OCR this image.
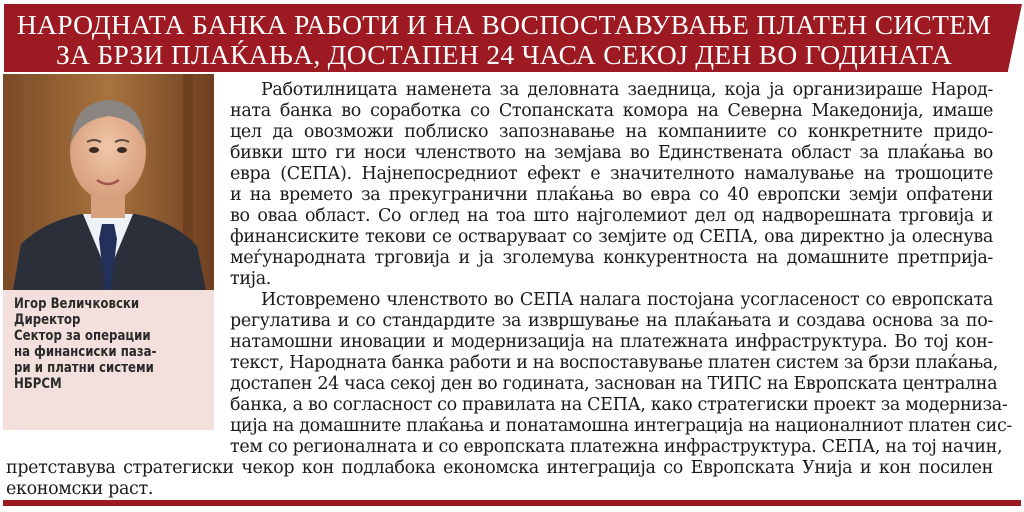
НАРОДНАТА БАНКА РАБОТИ И НА ВОСПОСТАВУВАЊЕ ПЛАТЕН СИСТЕМ
ЗА БРЗИ ПЛАЌАЊА, ДОСТАПЕН 24 ЧАСА СЕКОЈ ДЕН ВО ГОДИНАТА
Игор Величковски
Директор
Сектор за операции
на финансиски паза-
ри и платни системи
НБРСМ
Работилницата наменета за деловната заедница, која ја организираше Народ-
ната банка во соработка со Стопанската комора на Северна Македонија, имаше
цел да овозможи поблиско запознавање на компаниите со конкретните придо-
бивки што ги носи членството на земјава во Единствената област за плаќања во
евра (СЕПА). Најнепосредниот ефект е значителното намалување на трошоците
и на времето за прекугранични плаќања во евра со 40 европски земји опфатени
во оваа област. Со оглед на тоа што најголемиот дел од надворешната трговија и
финансиските текови се остваруваат со земјите од СЕПА, ова директно ја олеснува
меѓународната трговија и ја зголемува конкурентноста на домашните претприја-
тија.
Истовремено членството во СЕПА налага постојана усогласеност со европската
регулатива и со стандардите за извршување на плаќањата и создава основа за по-
натамошни иновации и модернизација на платежната инфраструктура. Во тој кон-
текст, Народната банка работи и на воспоставување платен систем за брзи плаќања,
достапен 24 часа секој ден во годината, заснован на ТИПС на Европската централна
банка, а во согласност со правилата на СЕПА, како стратегиски проект за модерниза-
ција на домашните плаќања и понатамошна интеграција на националниот платен сис-
тем со регионалната и со европската платежна инфраструктура. СЕПА, на тој начин,
претставува стратегиски чекор кон подлабока економска интеграција со Европската Унија и кон посилен
економски раст.
